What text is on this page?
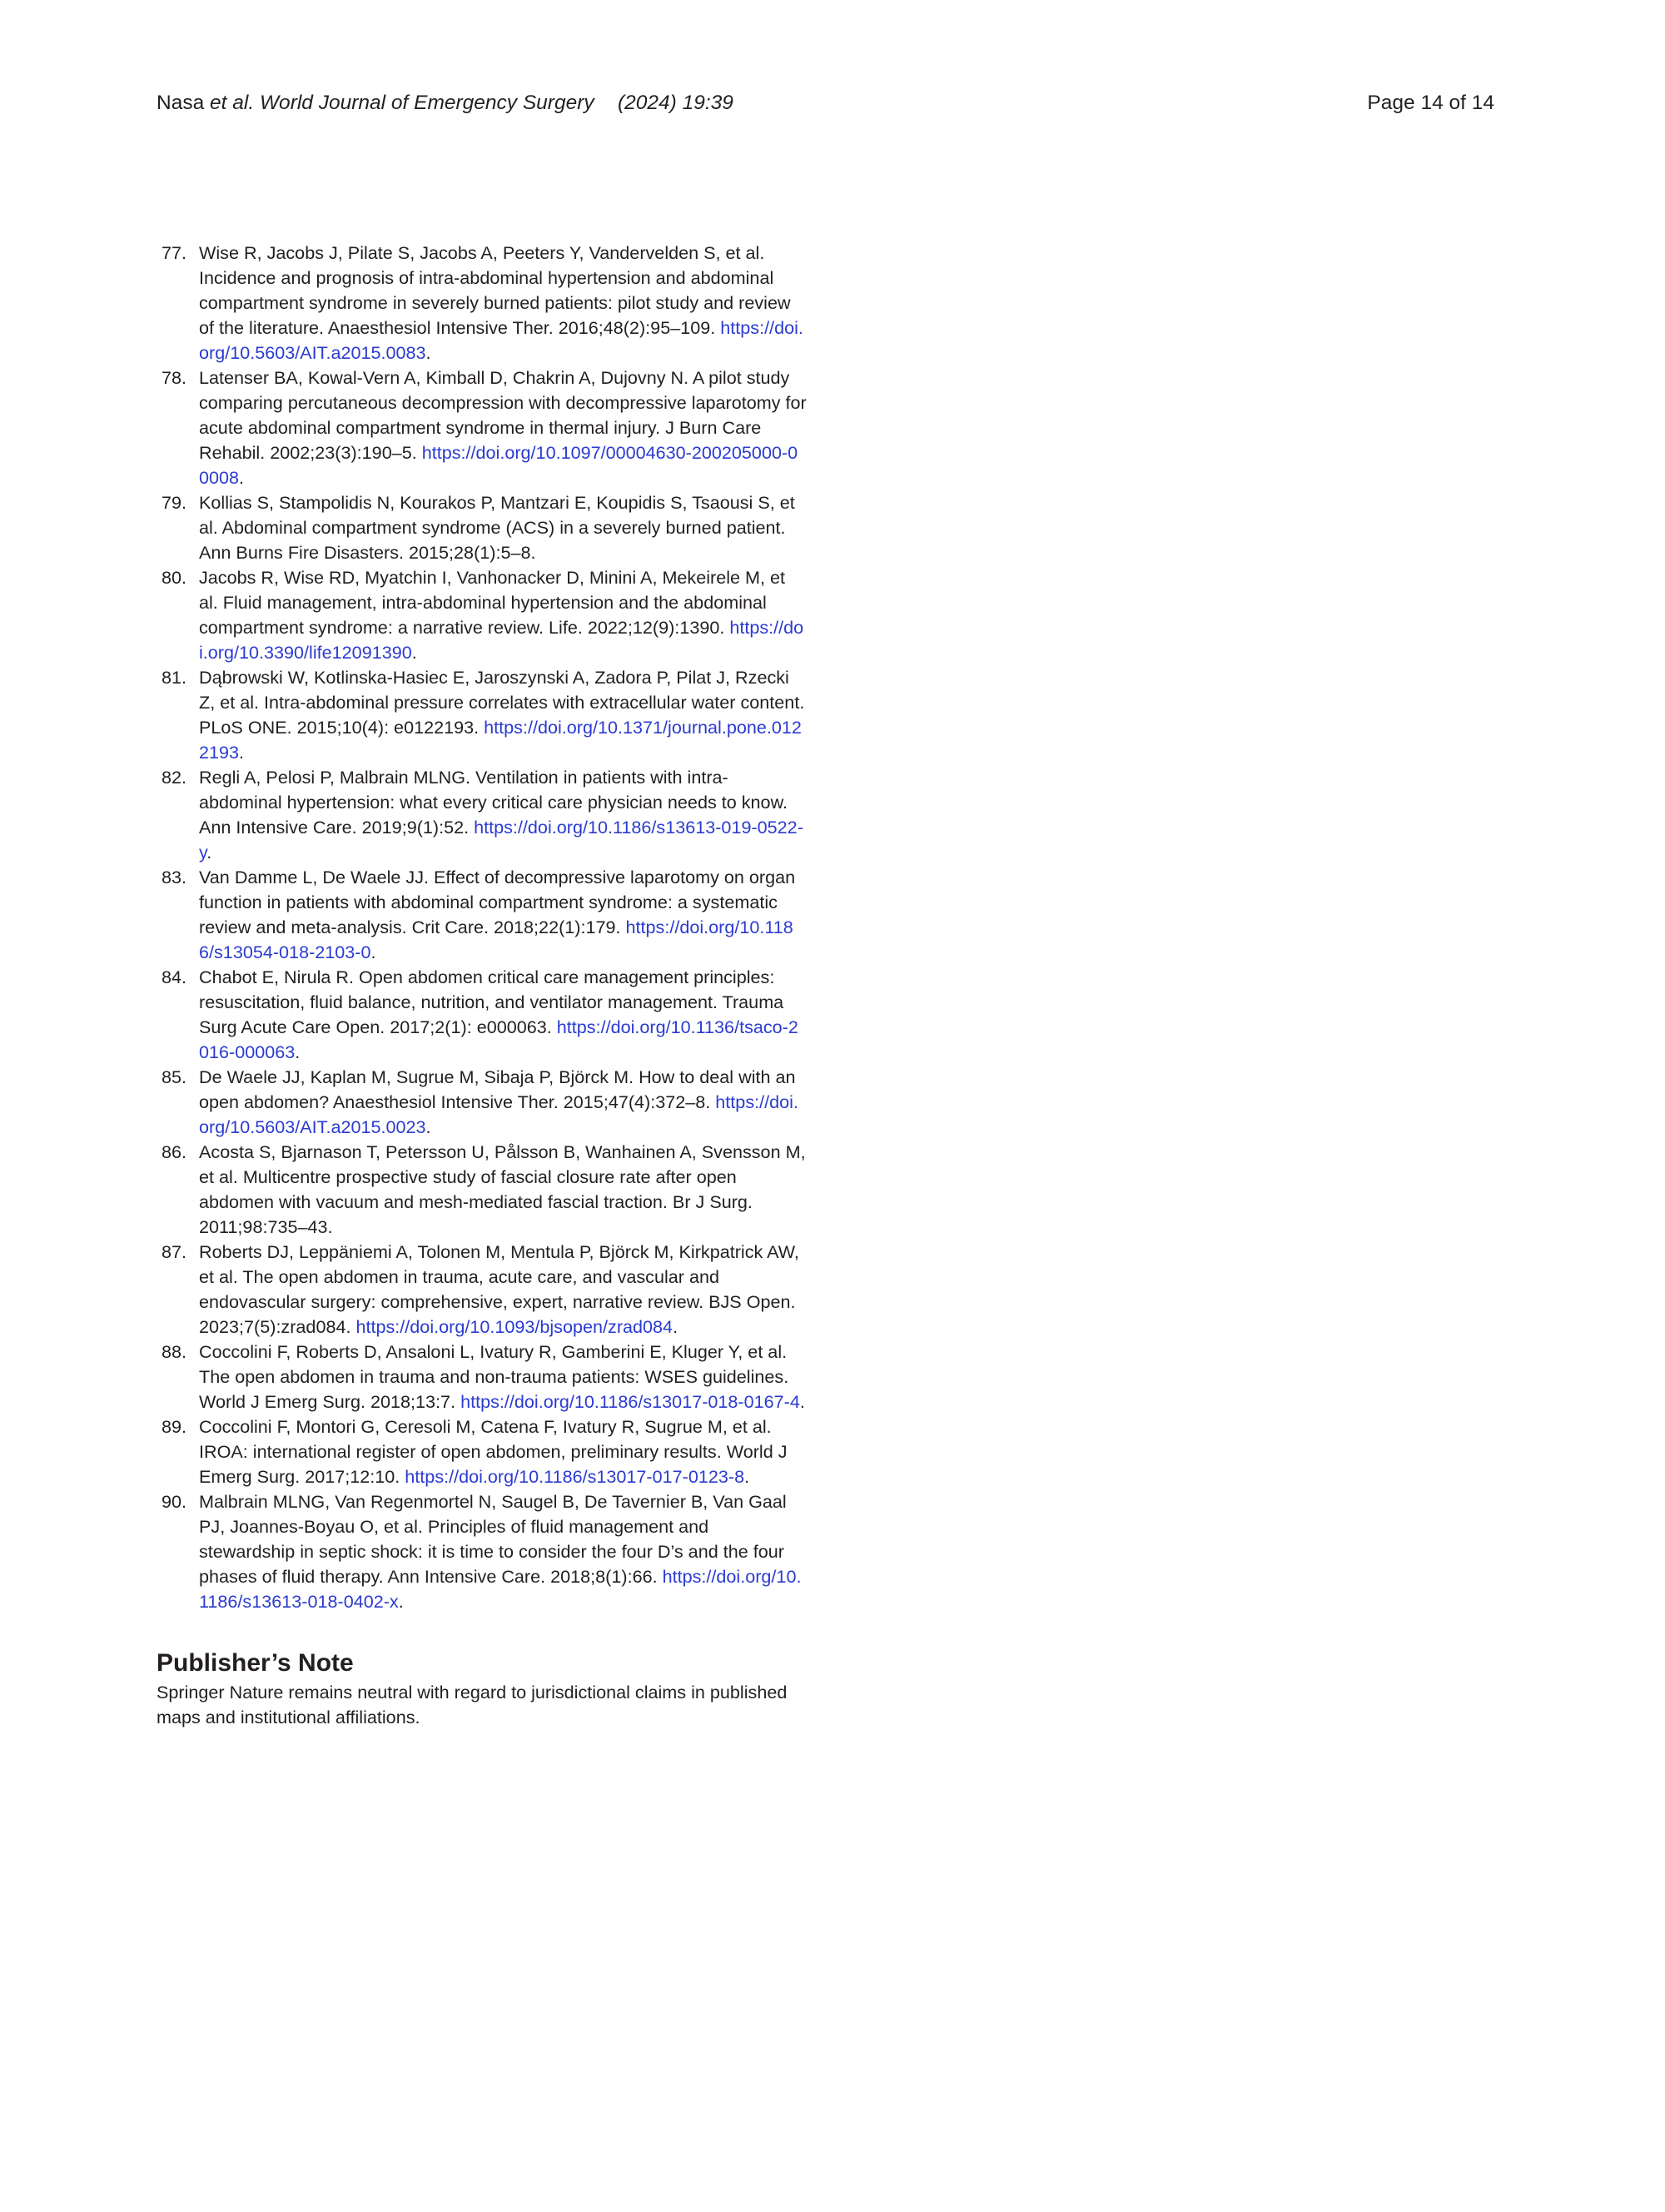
Nasa et al. World Journal of Emergency Surgery (2024) 19:39	Page 14 of 14
77. Wise R, Jacobs J, Pilate S, Jacobs A, Peeters Y, Vandervelden S, et al. Incidence and prognosis of intra-abdominal hypertension and abdominal compartment syndrome in severely burned patients: pilot study and review of the literature. Anaesthesiol Intensive Ther. 2016;48(2):95–109. https://doi.org/10.5603/AIT.a2015.0083.
78. Latenser BA, Kowal-Vern A, Kimball D, Chakrin A, Dujovny N. A pilot study comparing percutaneous decompression with decompressive laparotomy for acute abdominal compartment syndrome in thermal injury. J Burn Care Rehabil. 2002;23(3):190–5. https://doi.org/10.1097/00004630-200205000-00008.
79. Kollias S, Stampolidis N, Kourakos P, Mantzari E, Koupidis S, Tsaousi S, et al. Abdominal compartment syndrome (ACS) in a severely burned patient. Ann Burns Fire Disasters. 2015;28(1):5–8.
80. Jacobs R, Wise RD, Myatchin I, Vanhonacker D, Minini A, Mekeirele M, et al. Fluid management, intra-abdominal hypertension and the abdominal compartment syndrome: a narrative review. Life. 2022;12(9):1390. https://doi.org/10.3390/life12091390.
81. Dąbrowski W, Kotlinska-Hasiec E, Jaroszynski A, Zadora P, Pilat J, Rzecki Z, et al. Intra-abdominal pressure correlates with extracellular water content. PLoS ONE. 2015;10(4): e0122193. https://doi.org/10.1371/journal.pone.0122193.
82. Regli A, Pelosi P, Malbrain MLNG. Ventilation in patients with intra-abdominal hypertension: what every critical care physician needs to know. Ann Intensive Care. 2019;9(1):52. https://doi.org/10.1186/s13613-019-0522-y.
83. Van Damme L, De Waele JJ. Effect of decompressive laparotomy on organ function in patients with abdominal compartment syndrome: a systematic review and meta-analysis. Crit Care. 2018;22(1):179. https://doi.org/10.1186/s13054-018-2103-0.
84. Chabot E, Nirula R. Open abdomen critical care management principles: resuscitation, fluid balance, nutrition, and ventilator management. Trauma Surg Acute Care Open. 2017;2(1): e000063. https://doi.org/10.1136/tsaco-2016-000063.
85. De Waele JJ, Kaplan M, Sugrue M, Sibaja P, Björck M. How to deal with an open abdomen? Anaesthesiol Intensive Ther. 2015;47(4):372–8. https://doi.org/10.5603/AIT.a2015.0023.
86. Acosta S, Bjarnason T, Petersson U, Pålsson B, Wanhainen A, Svensson M, et al. Multicentre prospective study of fascial closure rate after open abdomen with vacuum and mesh-mediated fascial traction. Br J Surg. 2011;98:735–43.
87. Roberts DJ, Leppäniemi A, Tolonen M, Mentula P, Björck M, Kirkpatrick AW, et al. The open abdomen in trauma, acute care, and vascular and endovascular surgery: comprehensive, expert, narrative review. BJS Open. 2023;7(5):zrad084. https://doi.org/10.1093/bjsopen/zrad084.
88. Coccolini F, Roberts D, Ansaloni L, Ivatury R, Gamberini E, Kluger Y, et al. The open abdomen in trauma and non-trauma patients: WSES guidelines. World J Emerg Surg. 2018;13:7. https://doi.org/10.1186/s13017-018-0167-4.
89. Coccolini F, Montori G, Ceresoli M, Catena F, Ivatury R, Sugrue M, et al. IROA: international register of open abdomen, preliminary results. World J Emerg Surg. 2017;12:10. https://doi.org/10.1186/s13017-017-0123-8.
90. Malbrain MLNG, Van Regenmortel N, Saugel B, De Tavernier B, Van Gaal PJ, Joannes-Boyau O, et al. Principles of fluid management and stewardship in septic shock: it is time to consider the four D’s and the four phases of fluid therapy. Ann Intensive Care. 2018;8(1):66. https://doi.org/10.1186/s13613-018-0402-x.
Publisher’s Note

Springer Nature remains neutral with regard to jurisdictional claims in published maps and institutional affiliations.
